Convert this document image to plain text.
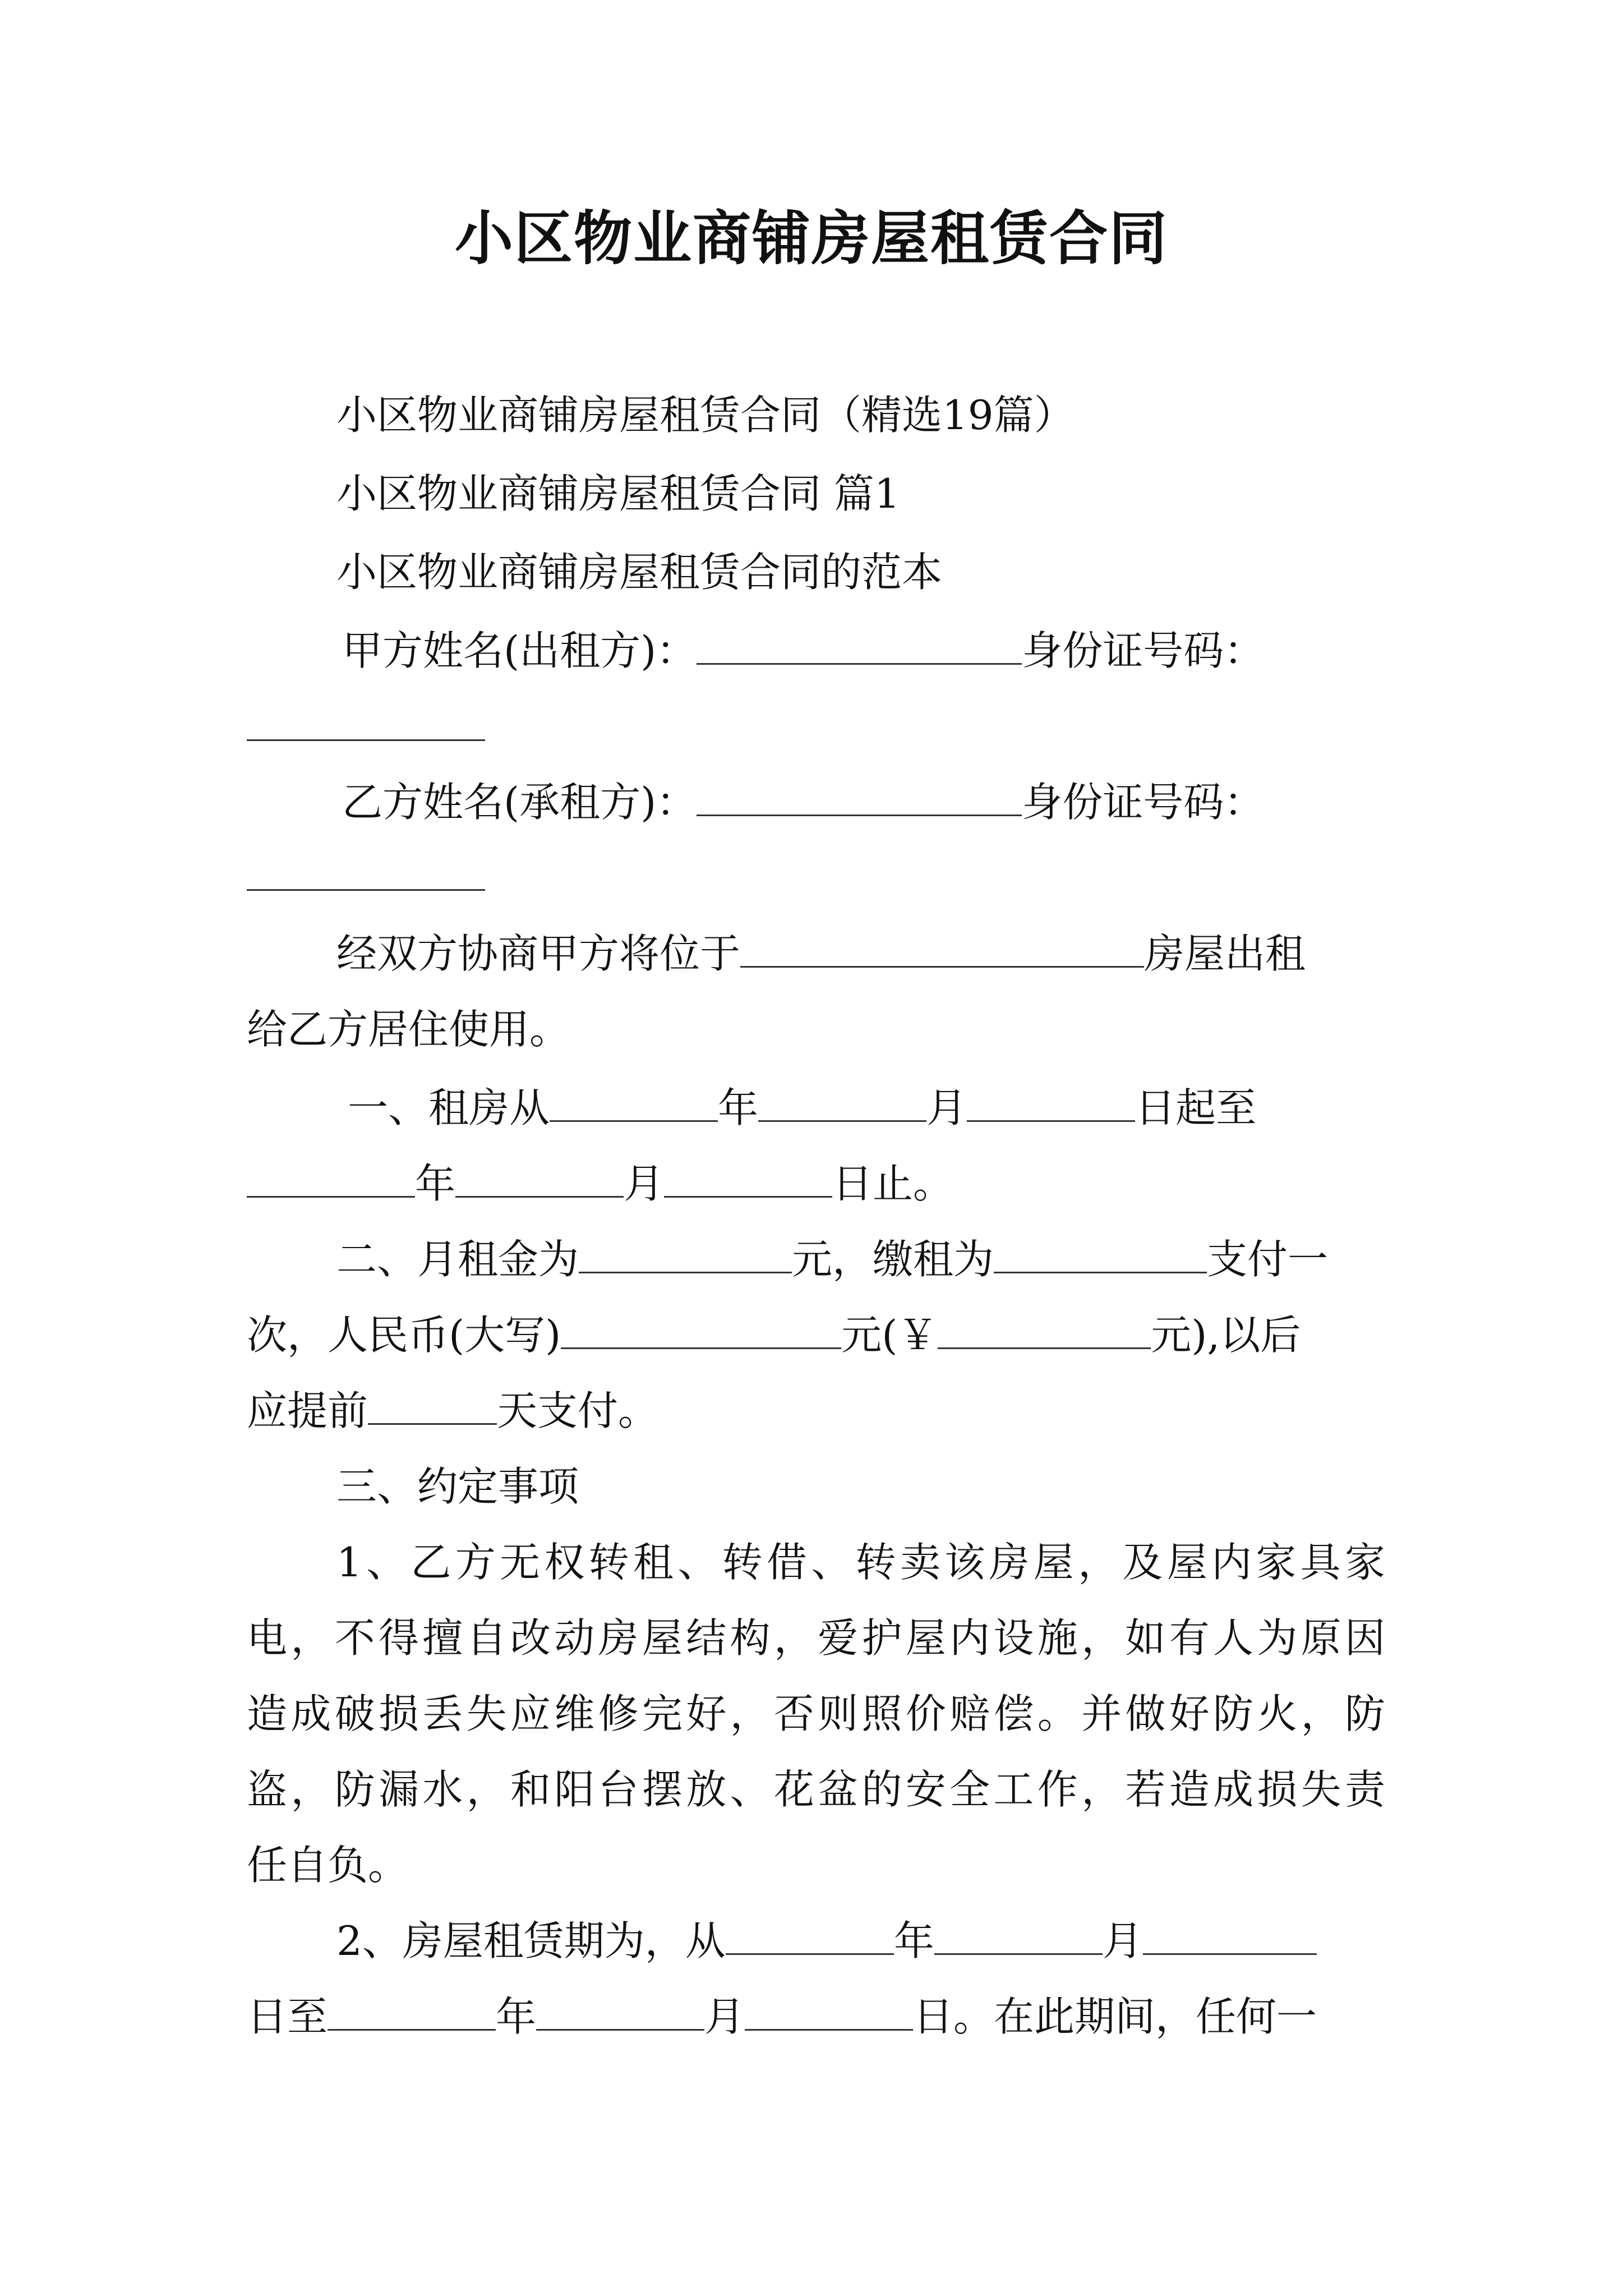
小区物业商铺房屋租赁合同
小区物业商铺房屋租赁合同（精选19篇）
小区物业商铺房屋租赁合同 篇1
小区物业商铺房屋租赁合同的范本
甲方姓名(出租方)：	身份证号码：
乙方姓名(承租方)：	身份证号码：
经双方协商甲方将位于	房屋出租
给乙方居住使用。
一、租房从	年	月	日起至
年	月	日止。
二、月租金为	元，缴租为	支付一
次，人民币(大写)	元(￥	元),以后
应提前	天支付。
三、约定事项
1、乙方无权转租、转借、转卖该房屋，及屋内家具家
电，不得擅自改动房屋结构，爱护屋内设施，如有人为原因
造成破损丢失应维修完好，否则照价赔偿。并做好防火，防
盗，防漏水，和阳台摆放、花盆的安全工作，若造成损失责
任自负。
2、房屋租赁期为，从	年	月
日至	年	月	日。在此期间，任何一
